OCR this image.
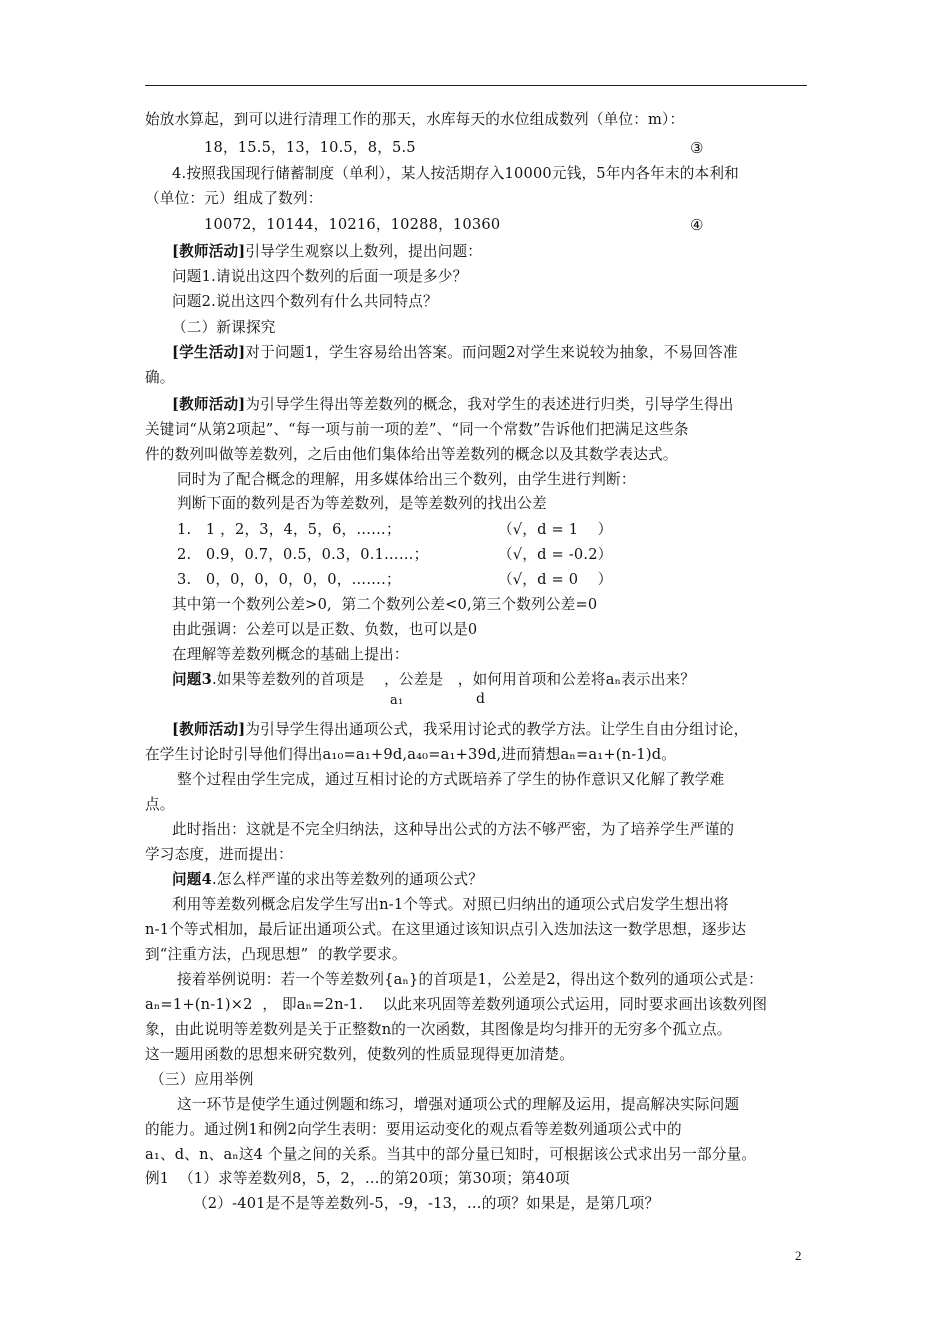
始放水算起，到可以进行清理工作的那天，水库每天的水位组成数列（单位：m）：
18，15.5，13，10.5，8，5.5	③
4.按照我国现行储蓄制度（单利），某人按活期存入10000元钱，5年内各年末的本利和
（单位：元）组成了数列：
10072，10144，10216，10288，10360	④
[教师活动]引导学生观察以上数列，提出问题：
问题1.请说出这四个数列的后面一项是多少？
问题2.说出这四个数列有什么共同特点？
（二）新课探究
[学生活动]对于问题1，学生容易给出答案。而问题2对学生来说较为抽象，不易回答准
确。
[教师活动]为引导学生得出等差数列的概念，我对学生的表述进行归类，引导学生得出
关键词“从第2项起”、“每一项与前一项的差”、“同一个常数”告诉他们把满足这些条
件的数列叫做等差数列，之后由他们集体给出等差数列的概念以及其数学表达式。
同时为了配合概念的理解，用多媒体给出三个数列，由学生进行判断：
判断下面的数列是否为等差数列，是等差数列的找出公差
1.   1 ，2，3，4，5，6，……；	（√，d = 1    ）
2.   0.9，0.7，0.5，0.3，0.1……；	（√，d = -0.2）
3.   0，0，0，0，0，0，…….；	（√，d = 0    ）
其中第一个数列公差>0,  第二个数列公差<0,第三个数列公差=0
由此强调：公差可以是正数、负数，也可以是0
在理解等差数列概念的基础上提出：
问题3.如果等差数列的首项是    ，公差是   ，如何用首项和公差将aₙ表示出来？
[教师活动]为引导学生得出通项公式，我采用讨论式的教学方法。让学生自由分组讨论，
在学生讨论时引导他们得出a₁₀=a₁+9d,a₄₀=a₁+39d,进而猜想aₙ=a₁+(n-1)d。
整个过程由学生完成，通过互相讨论的方式既培养了学生的协作意识又化解了教学难
点。
此时指出：这就是不完全归纳法，这种导出公式的方法不够严密，为了培养学生严谨的
学习态度，进而提出：
问题4.怎么样严谨的求出等差数列的通项公式？
利用等差数列概念启发学生写出n-1个等式。对照已归纳出的通项公式启发学生想出将
n-1个等式相加，最后证出通项公式。在这里通过该知识点引入迭加法这一数学思想，逐步达
到“注重方法，凸现思想”  的教学要求。
接着举例说明：若一个等差数列{aₙ}的首项是1，公差是2，得出这个数列的通项公式是：
aₙ=1+(n-1)×2  ， 即aₙ=2n-1.    以此来巩固等差数列通项公式运用，同时要求画出该数列图
象，由此说明等差数列是关于正整数n的一次函数，其图像是均匀排开的无穷多个孤立点。
这一题用函数的思想来研究数列，使数列的性质显现得更加清楚。
（三）应用举例
这一环节是使学生通过例题和练习，增强对通项公式的理解及运用，提高解决实际问题
的能力。通过例1和例2向学生表明：要用运动变化的观点看等差数列通项公式中的
a₁、d、n、aₙ这4 个量之间的关系。当其中的部分量已知时，可根据该公式求出另一部分量。
例1  （1）求等差数列8，5，2，…的第20项；第30项；第40项
（2）-401是不是等差数列-5，-9，-13，…的项？如果是，是第几项？
a₁	d
2
